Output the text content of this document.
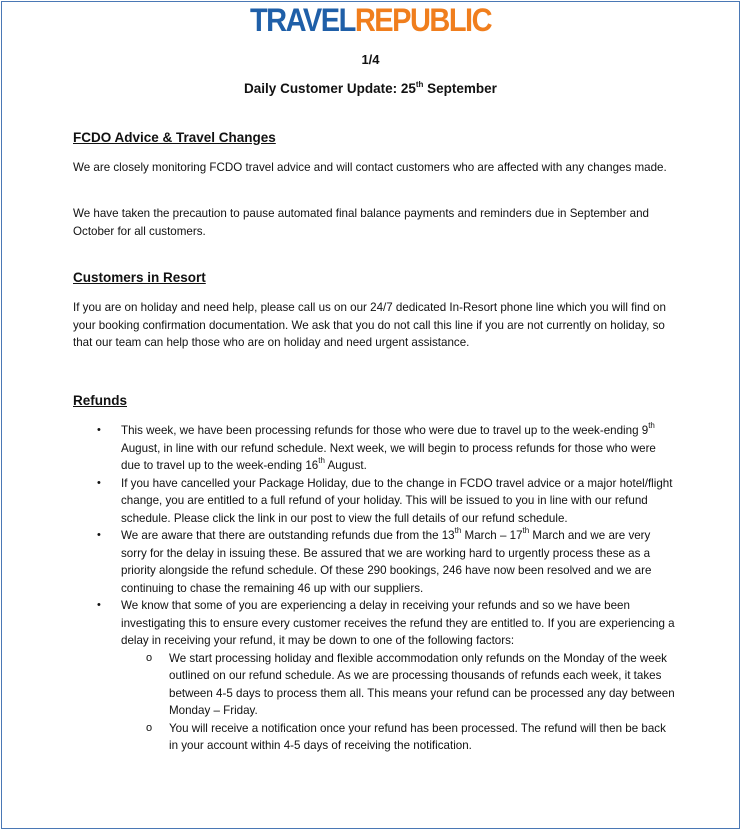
TRAVELREPUBLIC
1/4
Daily Customer Update: 25th September
FCDO Advice & Travel Changes
We are closely monitoring FCDO travel advice and will contact customers who are affected with any changes made.
We have taken the precaution to pause automated final balance payments and reminders due in September and October for all customers.
Customers in Resort
If you are on holiday and need help, please call us on our 24/7 dedicated In-Resort phone line which you will find on your booking confirmation documentation. We ask that you do not call this line if you are not currently on holiday, so that our team can help those who are on holiday and need urgent assistance.
Refunds
• This week, we have been processing refunds for those who were due to travel up to the week-ending 9th August, in line with our refund schedule. Next week, we will begin to process refunds for those who were due to travel up to the week-ending 16th August.
• If you have cancelled your Package Holiday, due to the change in FCDO travel advice or a major hotel/flight change, you are entitled to a full refund of your holiday. This will be issued to you in line with our refund schedule. Please click the link in our post to view the full details of our refund schedule.
• We are aware that there are outstanding refunds due from the 13th March – 17th March and we are very sorry for the delay in issuing these. Be assured that we are working hard to urgently process these as a priority alongside the refund schedule. Of these 290 bookings, 246 have now been resolved and we are continuing to chase the remaining 46 up with our suppliers.
• We know that some of you are experiencing a delay in receiving your refunds and so we have been investigating this to ensure every customer receives the refund they are entitled to. If you are experiencing a delay in receiving your refund, it may be down to one of the following factors:
o We start processing holiday and flexible accommodation only refunds on the Monday of the week outlined on our refund schedule. As we are processing thousands of refunds each week, it takes between 4-5 days to process them all. This means your refund can be processed any day between Monday – Friday.
o You will receive a notification once your refund has been processed. The refund will then be back in your account within 4-5 days of receiving the notification.
